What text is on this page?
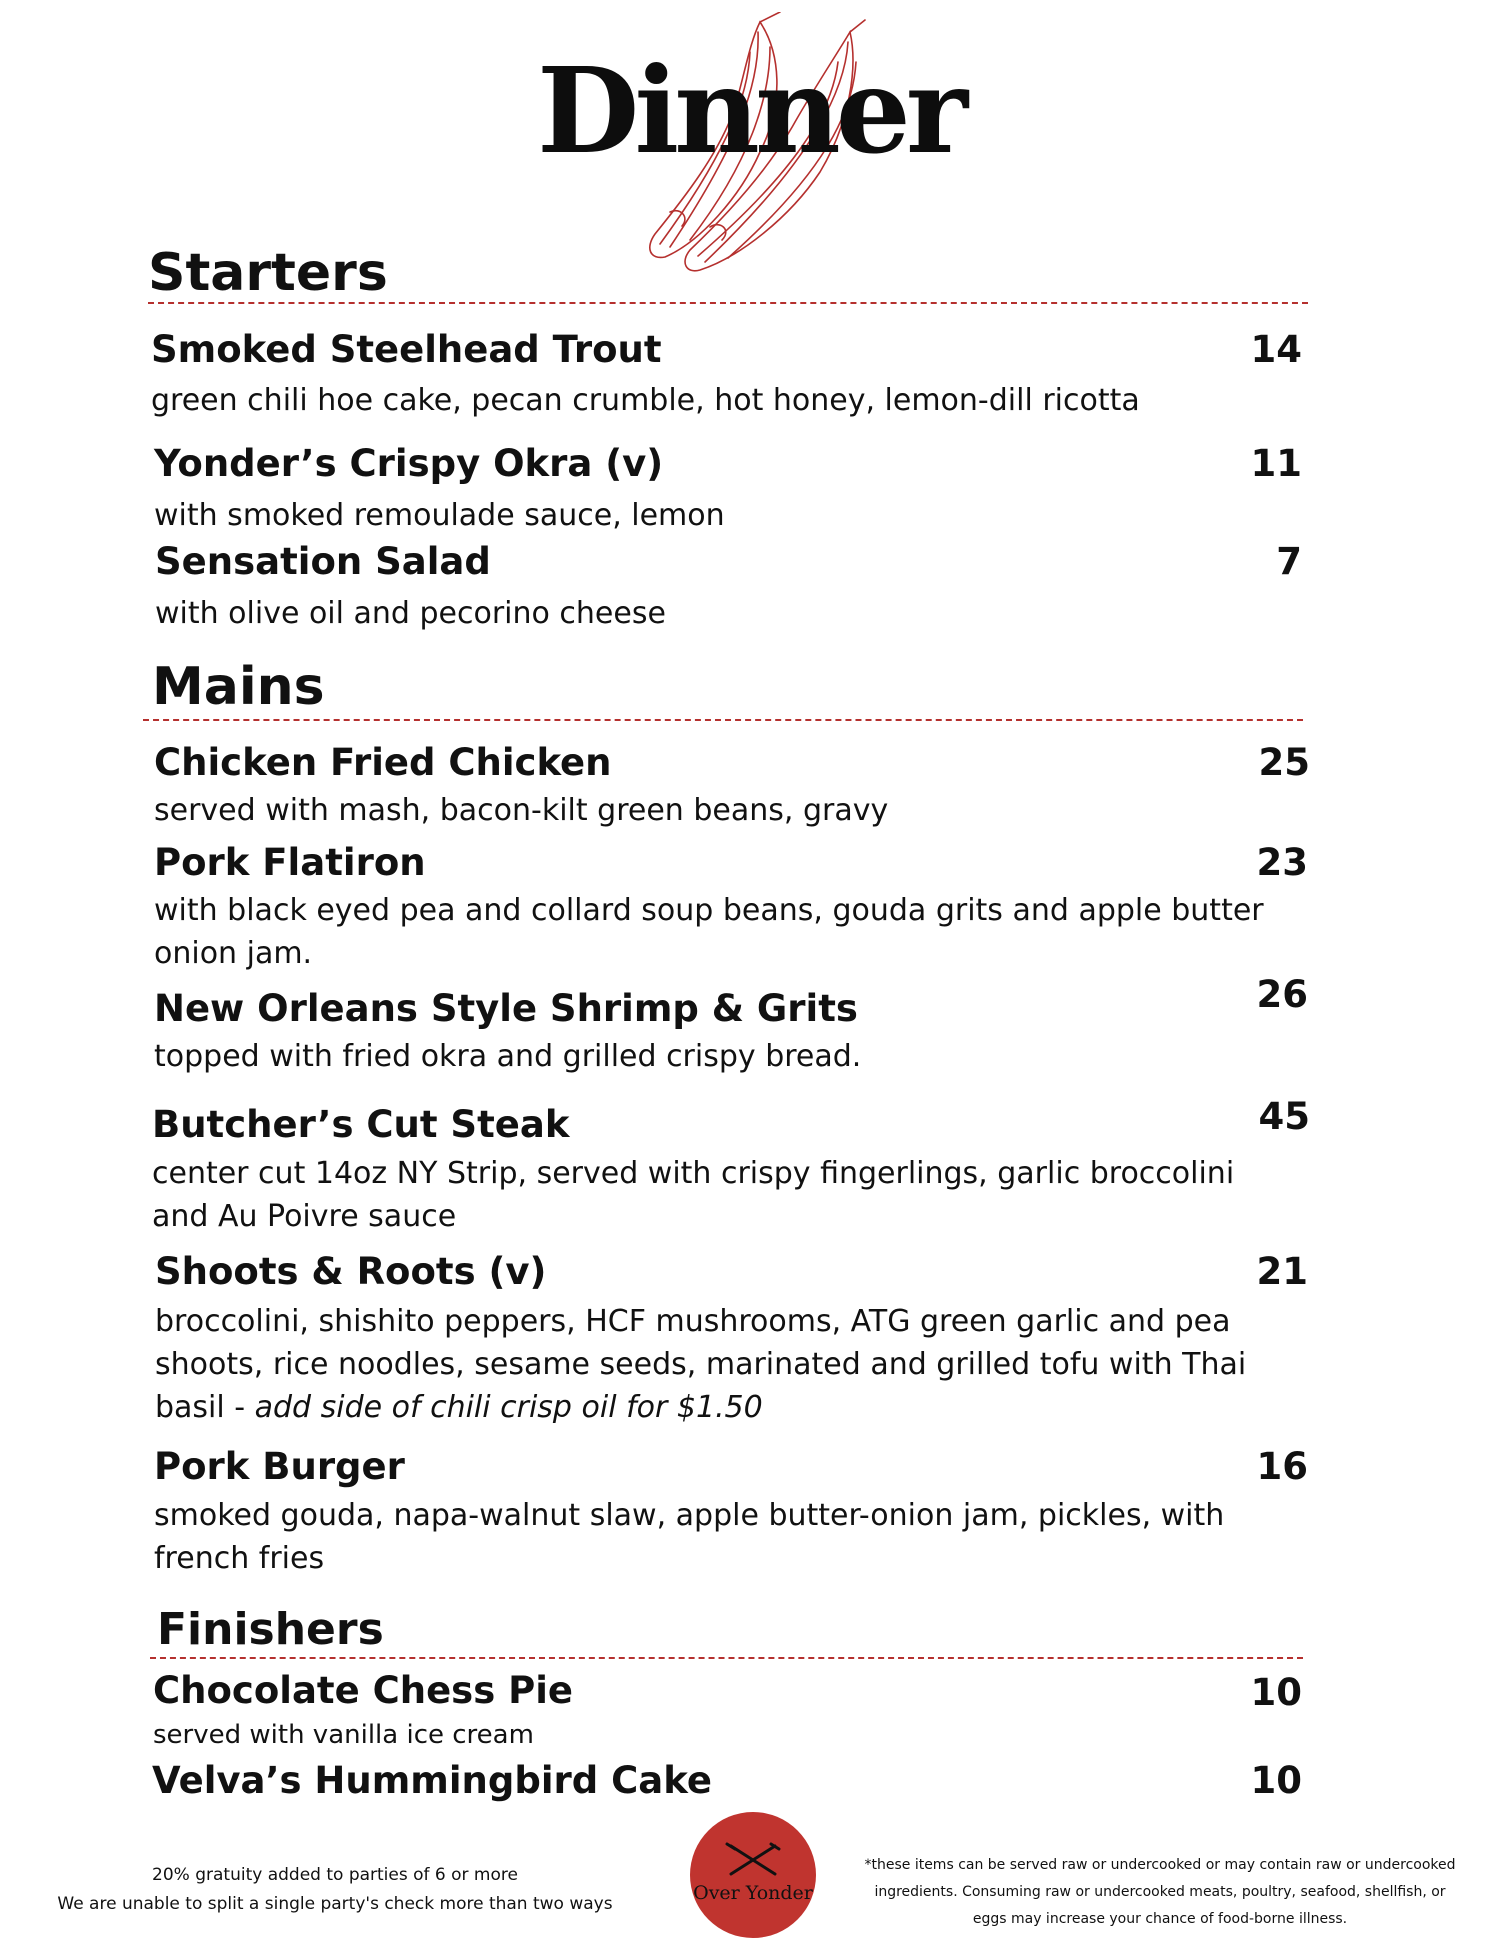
Dinner
Starters
Smoked Steelhead Trout	14
green chili hoe cake, pecan crumble, hot honey, lemon-dill ricotta
Yonder’s Crispy Okra (v)	11
with smoked remoulade sauce, lemon
Sensation Salad	7
with olive oil and pecorino cheese
Mains
Chicken Fried Chicken	25
served with mash, bacon-kilt green beans, gravy
Pork Flatiron	23
with black eyed pea and collard soup beans, gouda grits and apple butter onion jam.
New Orleans Style Shrimp & Grits	26
topped with fried okra and grilled crispy bread.
Butcher’s Cut Steak	45
center cut 14oz NY Strip, served with crispy fingerlings, garlic broccolini and Au Poivre sauce
Shoots & Roots (v)	21
broccolini, shishito peppers, HCF mushrooms, ATG green garlic and pea shoots, rice noodles, sesame seeds, marinated and grilled tofu with Thai basil - add side of chili crisp oil for $1.50
Pork Burger	16
smoked gouda, napa-walnut slaw, apple butter-onion jam, pickles, with french fries
Finishers
Chocolate Chess Pie	10
served with vanilla ice cream
Velva’s Hummingbird Cake	10
20% gratuity added to parties of 6 or more
We are unable to split a single party's check more than two ways	Over Yonder
*these items can be served raw or undercooked or may contain raw or undercooked ingredients. Consuming raw or undercooked meats, poultry, seafood, shellfish, or eggs may increase your chance of food-borne illness.
